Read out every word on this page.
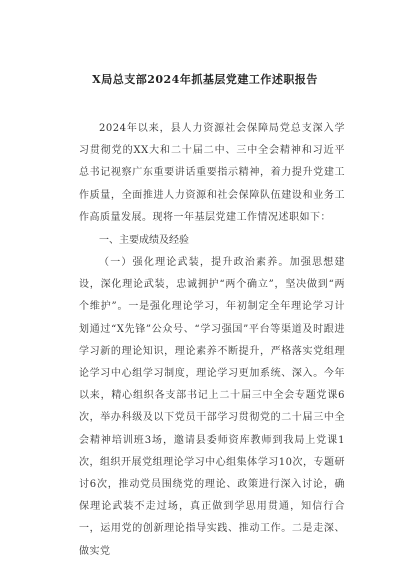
X局总支部2024年抓基层党建工作述职报告

2024年以来，县人力资源社会保障局党总支深入学习贯彻党的XX大和二十届二中、三中全会精神和习近平总书记视察广东重要讲话重要指示精神，着力提升党建工作质量，全面推进人力资源和社会保障队伍建设和业务工作高质量发展。现将一年基层党建工作情况述职如下：

一、主要成绩及经验

（一）强化理论武装，提升政治素养。加强思想建设，深化理论武装，忠诚拥护“两个确立”，坚决做到“两个维护”。一是强化理论学习，年初制定全年理论学习计划通过“X先锋”公众号、“学习强国”平台等渠道及时跟进学习新的理论知识，理论素养不断提升，严格落实党组理论学习中心组学习制度，理论学习更加系统、深入。今年以来，精心组织各支部书记上二十届三中全会专题党课6次，举办科级及以下党员干部学习贯彻党的二十届三中全会精神培训班3场，邀请县委师资库教师到我局上党课1次，组织开展党组理论学习中心组集体学习10次，专题研讨6次，推动党员围绕党的理论、政策进行深入讨论，确保理论武装不走过场，真正做到学思用贯通，知信行合一，运用党的创新理论指导实践、推动工作。二是走深、做实党
